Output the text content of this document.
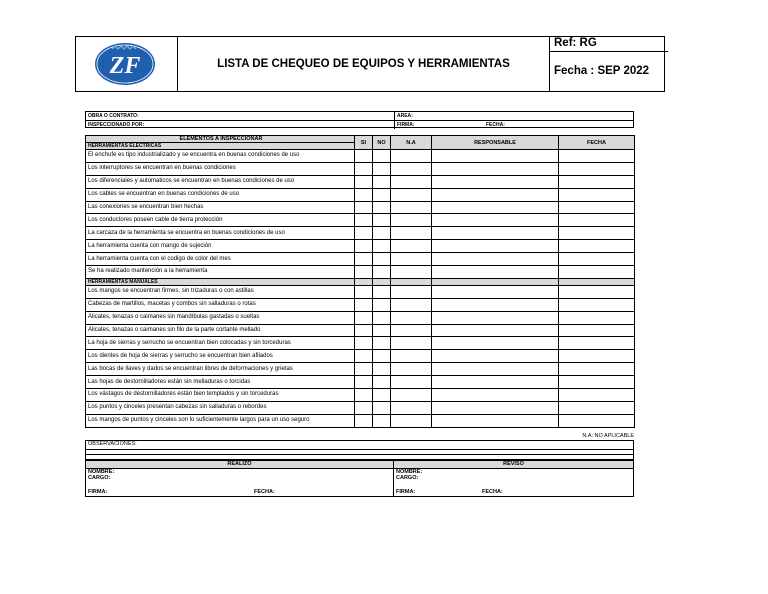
ZF	LISTA DE CHEQUEO DE EQUIPOS Y HERRAMIENTAS
Ref: RG
Fecha : SEP 2022
OBRA O CONTRATO:	AREA:
INSPECCIONADO POR:	FIRMA:	FECHA:
ELEMENTOS A INSPECCIONAR	SI	NO	N.A	RESPONSABLE	FECHA
HERRAMIENTAS ELECTRICAS					
El enchufe es tipo industrializado y se encuentra en buenas condiciones de uso					
Los interruptores se encuentran en buenas condiciones					
Los diferenciales y automaticos se encuentran en buenas condiciones de uso					
Los cables se encuentran en buenas condiciones de uso					
Las conexiones se encuentran bien hechas					
Los conductores poseen cable de tierra protección					
La carcaza de la herramienta se encuentra en buenas condiciones de uso					
La herramienta cuenta con mango de sujeción					
La herramienta cuenta con el codigo de color del mes					
Se ha realizado mantención a la herramienta					
HERRAMIENTAS MANUALES					
Los mangos se encuentran firmes, sin trizaduras o con astillas					
Cabezas de martillos, macetas y combos sin salladuras o rotas					
Alicates, tenazas o caimanes sin mandíbulas gastadas o sueltas					
Alicates, tenazas o caimanes sin filo de la parte cortante mellado					
La hoja de sierras y serrucho se encuentran bien colocadas y sin torceduras					
Los dientes de hoja de sierras y serrucho se encuentran bien afilados					
Las bocas de llaves y dados se encuentran libres de deformaciones y grietas					
Las hojas de destornilladores están sin melladuras o torcidas					
Los vástagos de destornilladores están bien templados y sin torceduras					
Los puntos y cinceles presentan cabezas sin salladuras o rebordes					
Los mangos de puntos y cinceles son lo suficientemente largos para un uso seguro					
N.A: NO APLICABLE
OBSERVACIONES:
REALIZO
NOMBRE:
CARGO:
FIRMA:	FECHA:
REVISO
NOMBRE:
CARGO:
FIRMA:	FECHA:
